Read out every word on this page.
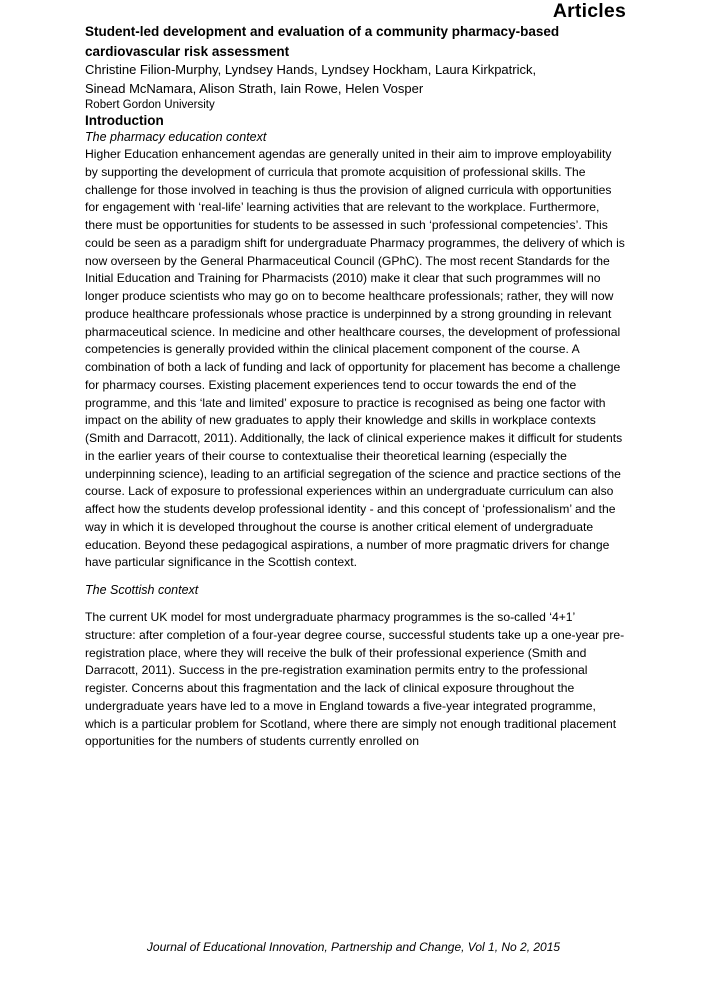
Articles
Student-led development and evaluation of a community pharmacy-based cardiovascular risk assessment
Christine Filion-Murphy, Lyndsey Hands, Lyndsey Hockham, Laura Kirkpatrick,
Sinead McNamara, Alison Strath, Iain Rowe, Helen Vosper
Robert Gordon University
Introduction
The pharmacy education context
Higher Education enhancement agendas are generally united in their aim to improve employability by supporting the development of curricula that promote acquisition of professional skills. The challenge for those involved in teaching is thus the provision of aligned curricula with opportunities for engagement with ‘real-life’ learning activities that are relevant to the workplace. Furthermore, there must be opportunities for students to be assessed in such ‘professional competencies’. This could be seen as a paradigm shift for undergraduate Pharmacy programmes, the delivery of which is now overseen by the General Pharmaceutical Council (GPhC). The most recent Standards for the Initial Education and Training for Pharmacists (2010) make it clear that such programmes will no longer produce scientists who may go on to become healthcare professionals; rather, they will now produce healthcare professionals whose practice is underpinned by a strong grounding in relevant pharmaceutical science. In medicine and other healthcare courses, the development of professional competencies is generally provided within the clinical placement component of the course. A combination of both a lack of funding and lack of opportunity for placement has become a challenge for pharmacy courses. Existing placement experiences tend to occur towards the end of the programme, and this ‘late and limited’ exposure to practice is recognised as being one factor with impact on the ability of new graduates to apply their knowledge and skills in workplace contexts (Smith and Darracott, 2011). Additionally, the lack of clinical experience makes it difficult for students in the earlier years of their course to contextualise their theoretical learning (especially the underpinning science), leading to an artificial segregation of the science and practice sections of the course. Lack of exposure to professional experiences within an undergraduate curriculum can also affect how the students develop professional identity - and this concept of ‘professionalism’ and the way in which it is developed throughout the course is another critical element of undergraduate education. Beyond these pedagogical aspirations, a number of more pragmatic drivers for change have particular significance in the Scottish context.
The Scottish context
The current UK model for most undergraduate pharmacy programmes is the so-called ‘4+1’ structure: after completion of a four-year degree course, successful students take up a one-year pre-registration place, where they will receive the bulk of their professional experience (Smith and Darracott, 2011). Success in the pre-registration examination permits entry to the professional register. Concerns about this fragmentation and the lack of clinical exposure throughout the undergraduate years have led to a move in England towards a five-year integrated programme, which is a particular problem for Scotland, where there are simply not enough traditional placement opportunities for the numbers of students currently enrolled on
Journal of Educational Innovation, Partnership and Change, Vol 1, No 2, 2015
